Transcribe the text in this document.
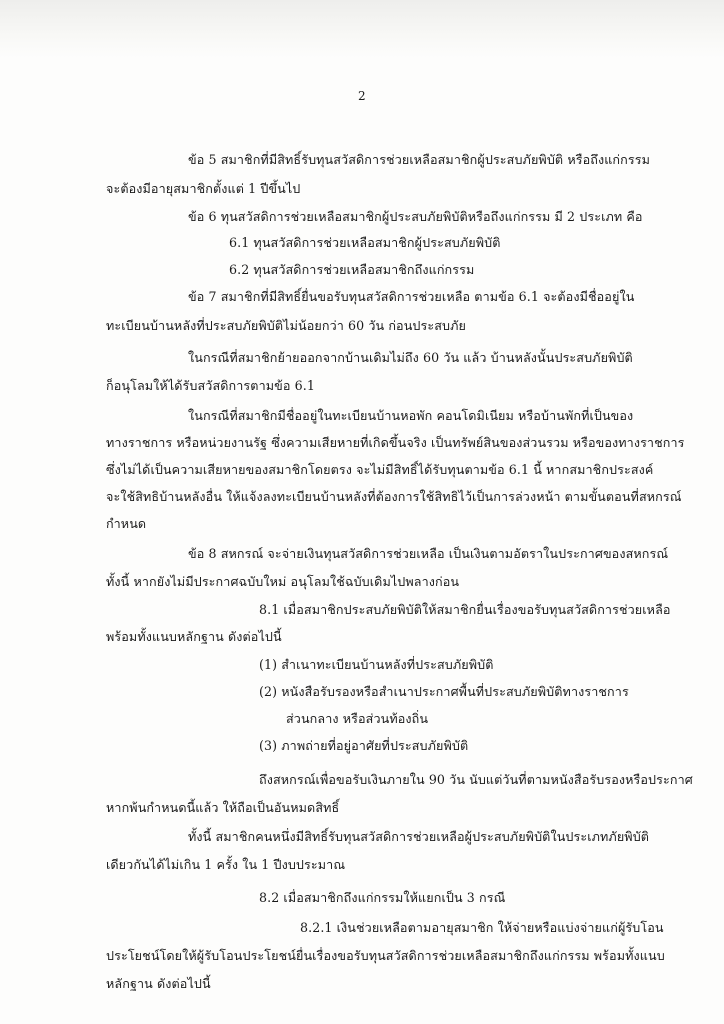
2

ข้อ 5 สมาชิกที่มีสิทธิ์รับทุนสวัสดิการช่วยเหลือสมาชิกผู้ประสบภัยพิบัติ หรือถึงแก่กรรม

จะต้องมีอายุสมาชิกตั้งแต่ 1 ปีขึ้นไป

ข้อ 6 ทุนสวัสดิการช่วยเหลือสมาชิกผู้ประสบภัยพิบัติหรือถึงแก่กรรม มี 2 ประเภท คือ

6.1 ทุนสวัสดิการช่วยเหลือสมาชิกผู้ประสบภัยพิบัติ

6.2 ทุนสวัสดิการช่วยเหลือสมาชิกถึงแก่กรรม

ข้อ 7 สมาชิกที่มีสิทธิ์ยื่นขอรับทุนสวัสดิการช่วยเหลือ ตามข้อ 6.1 จะต้องมีชื่ออยู่ใน

ทะเบียนบ้านหลังที่ประสบภัยพิบัติไม่น้อยกว่า 60 วัน ก่อนประสบภัย

ในกรณีที่สมาชิกย้ายออกจากบ้านเดิมไม่ถึง 60 วัน แล้ว บ้านหลังนั้นประสบภัยพิบัติ

ก็อนุโลมให้ได้รับสวัสดิการตามข้อ 6.1

ในกรณีที่สมาชิกมีชื่ออยู่ในทะเบียนบ้านหอพัก คอนโดมิเนียม หรือบ้านพักที่เป็นของ

ทางราชการ หรือหน่วยงานรัฐ ซึ่งความเสียหายที่เกิดขึ้นจริง เป็นทรัพย์สินของส่วนรวม หรือของทางราชการ

ซึ่งไม่ได้เป็นความเสียหายของสมาชิกโดยตรง จะไม่มีสิทธิ์ได้รับทุนตามข้อ 6.1 นี้ หากสมาชิกประสงค์

จะใช้สิทธิบ้านหลังอื่น ให้แจ้งลงทะเบียนบ้านหลังที่ต้องการใช้สิทธิไว้เป็นการล่วงหน้า ตามขั้นตอนที่สหกรณ์

กำหนด

ข้อ 8 สหกรณ์ จะจ่ายเงินทุนสวัสดิการช่วยเหลือ เป็นเงินตามอัตราในประกาศของสหกรณ์

ทั้งนี้ หากยังไม่มีประกาศฉบับใหม่ อนุโลมใช้ฉบับเดิมไปพลางก่อน

8.1 เมื่อสมาชิกประสบภัยพิบัติให้สมาชิกยื่นเรื่องขอรับทุนสวัสดิการช่วยเหลือ

พร้อมทั้งแนบหลักฐาน ดังต่อไปนี้

(1) สำเนาทะเบียนบ้านหลังที่ประสบภัยพิบัติ

(2) หนังสือรับรองหรือสำเนาประกาศพื้นที่ประสบภัยพิบัติทางราชการ

ส่วนกลาง หรือส่วนท้องถิ่น

(3) ภาพถ่ายที่อยู่อาศัยที่ประสบภัยพิบัติ

ถึงสหกรณ์เพื่อขอรับเงินภายใน 90 วัน นับแต่วันที่ตามหนังสือรับรองหรือประกาศ

หากพ้นกำหนดนี้แล้ว ให้ถือเป็นอันหมดสิทธิ์

ทั้งนี้ สมาชิกคนหนึ่งมีสิทธิ์รับทุนสวัสดิการช่วยเหลือผู้ประสบภัยพิบัติในประเภทภัยพิบัติ

เดียวกันได้ไม่เกิน 1 ครั้ง ใน 1 ปีงบประมาณ

8.2 เมื่อสมาชิกถึงแก่กรรมให้แยกเป็น 3 กรณี

8.2.1 เงินช่วยเหลือตามอายุสมาชิก ให้จ่ายหรือแบ่งจ่ายแก่ผู้รับโอน

ประโยชน์โดยให้ผู้รับโอนประโยชน์ยื่นเรื่องขอรับทุนสวัสดิการช่วยเหลือสมาชิกถึงแก่กรรม พร้อมทั้งแนบ

หลักฐาน ดังต่อไปนี้
